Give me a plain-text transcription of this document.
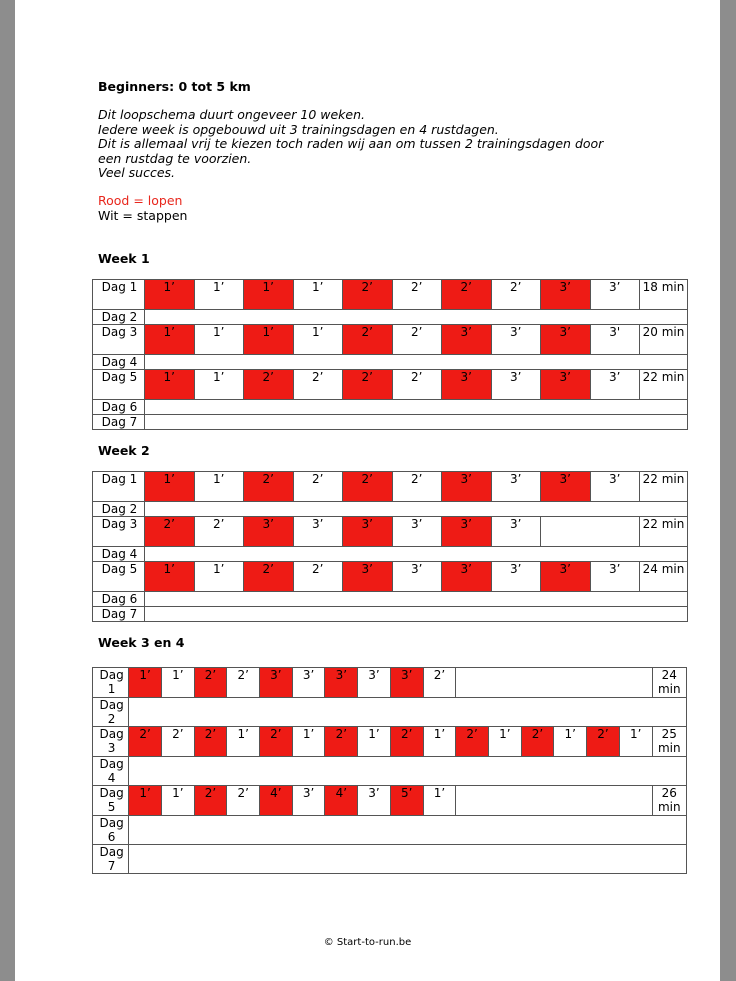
Beginners: 0 tot 5 km
Dit loopschema duurt ongeveer 10 weken.
Iedere week is opgebouwd uit 3 trainingsdagen en 4 rustdagen.
Dit is allemaal vrij te kiezen toch raden wij aan om tussen 2 trainingsdagen door een rustdag te voorzien.
Veel succes.
Rood = lopen
Wit = stappen
Week 1
Dag 1	1’	1’	1’	1’	2’	2’	2’	2’	3’	3’	18 min
Dag 2											
Dag 3	1’	1’	1’	1’	2’	2’	3’	3’	3’	3'	20 min
Dag 4											
Dag 5	1’	1’	2’	2’	2’	2’	3’	3’	3’	3’	22 min
Dag 6											
Dag 7											
Week 2
Dag 1	1’	1’	2’	2’	2’	2’	3’	3’	3’	3’	22 min
Dag 2											
Dag 3	2’	2’	3’	3’	3’	3’	3’	3’			22 min
Dag 4											
Dag 5	1’	1’	2’	2’	3’	3’	3’	3’	3’	3’	24 min
Dag 6											
Dag 7											
Week 3 en 4
Dag 1	1’	1’	2’	2’	3’	3’	3’	3’	3’	2’							24 min
Dag 2																	
Dag 3	2’	2’	2’	1’	2’	1’	2’	1’	2’	1’	2’	1’	2’	1’	2’	1’	25 min
Dag 4																	
Dag 5	1’	1’	2’	2’	4’	3’	4’	3’	5’	1’							26 min
Dag 6																	
Dag 7																	
© Start-to-run.be
